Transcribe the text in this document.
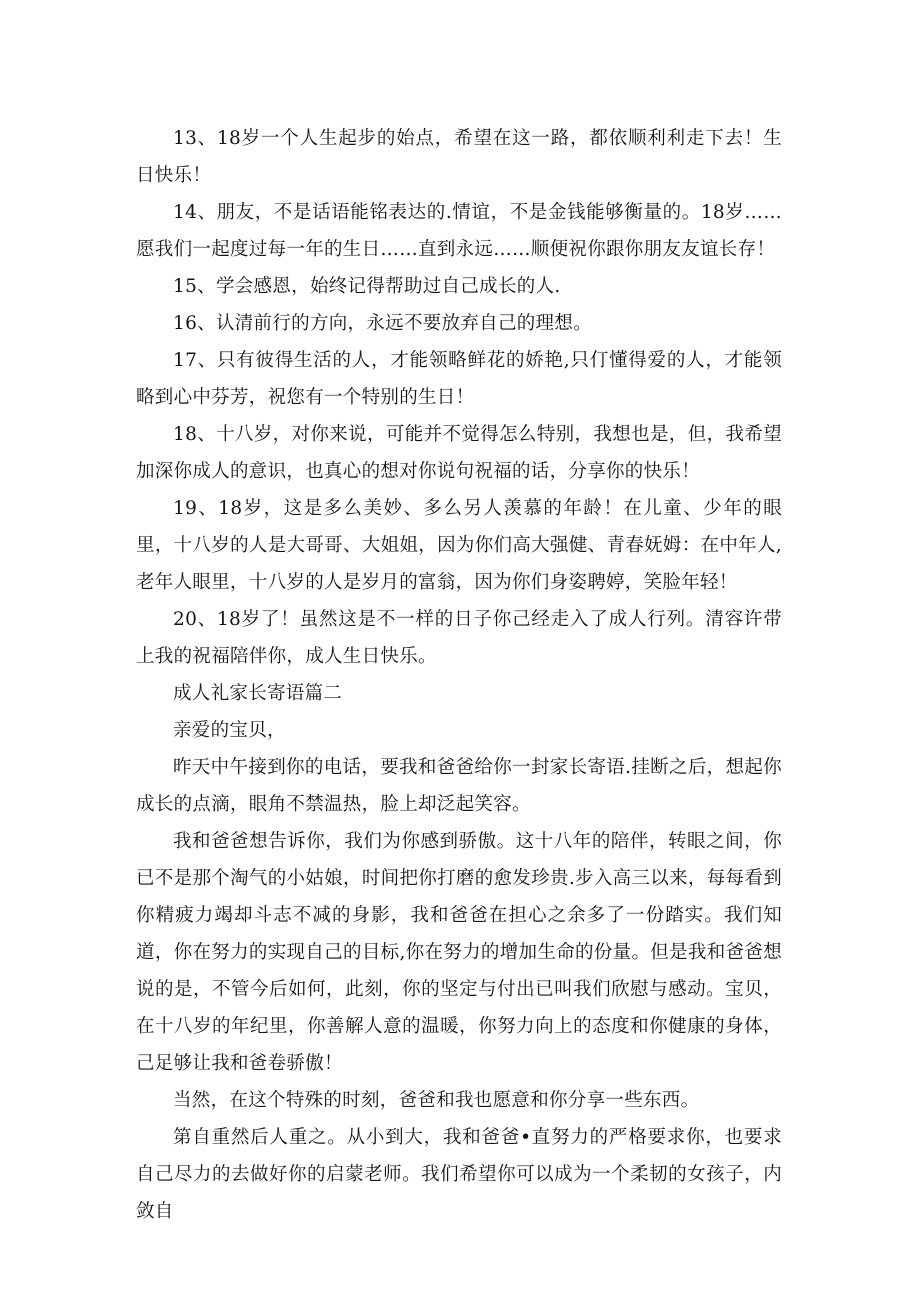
13、18岁一个人生起步的始点，希望在这一路，都依顺利利走下去！生日快乐！

14、朋友，不是话语能铭表达的.情谊，不是金钱能够衡量的。18岁……愿我们一起度过每一年的生日……直到永远……顺便祝你跟你朋友友谊长存！

15、学会感恩，始终记得帮助过自己成长的人.

16、认清前行的方向，永远不要放弃自己的理想。

17、只有彼得生活的人，才能领略鲜花的娇艳,只仃懂得爱的人，才能领略到心中芬芳，祝您有一个特别的生日！

18、十八岁，对你来说，可能并不觉得怎么特别，我想也是，但，我希望加深你成人的意识，也真心的想对你说句祝福的话，分享你的快乐！

19、18岁，这是多么美妙、多么另人羡慕的年龄！在儿童、少年的眼里，十八岁的人是大哥哥、大姐姐，因为你们高大强健、青春妩姆：在中年人,老年人眼里，十八岁的人是岁月的富翁，因为你们身姿聘婷，笑脸年轻！

20、18岁了！虽然这是不一样的日子你己经走入了成人行列。清容许带上我的祝福陪伴你，成人生日快乐。

成人礼家长寄语篇二

亲爱的宝贝，

昨天中午接到你的电话，要我和爸爸给你一封家长寄语.挂断之后，想起你成长的点滴，眼角不禁温热，脸上却泛起笑容。

我和爸爸想告诉你，我们为你感到骄傲。这十八年的陪伴，转眼之间，你已不是那个淘气的小姑娘，时间把你打磨的愈发珍贵.步入高三以来，每每看到你精疲力竭却斗志不减的身影，我和爸爸在担心之余多了一份踏实。我们知道，你在努力的实现自己的目标,你在努力的增加生命的份量。但是我和爸爸想说的是，不管今后如何，此刻，你的坚定与付出已叫我们欣慰与感动。宝贝，在十八岁的年纪里，你善解人意的温暖，你努力向上的态度和你健康的身体，己足够让我和爸卷骄傲！

当然，在这个特殊的时刻，爸爸和我也愿意和你分享一些东西。

第自重然后人重之。从小到大，我和爸爸•直努力的严格要求你，也要求自己尽力的去做好你的启蒙老师。我们希望你可以成为一个柔韧的女孩子，内敛自
